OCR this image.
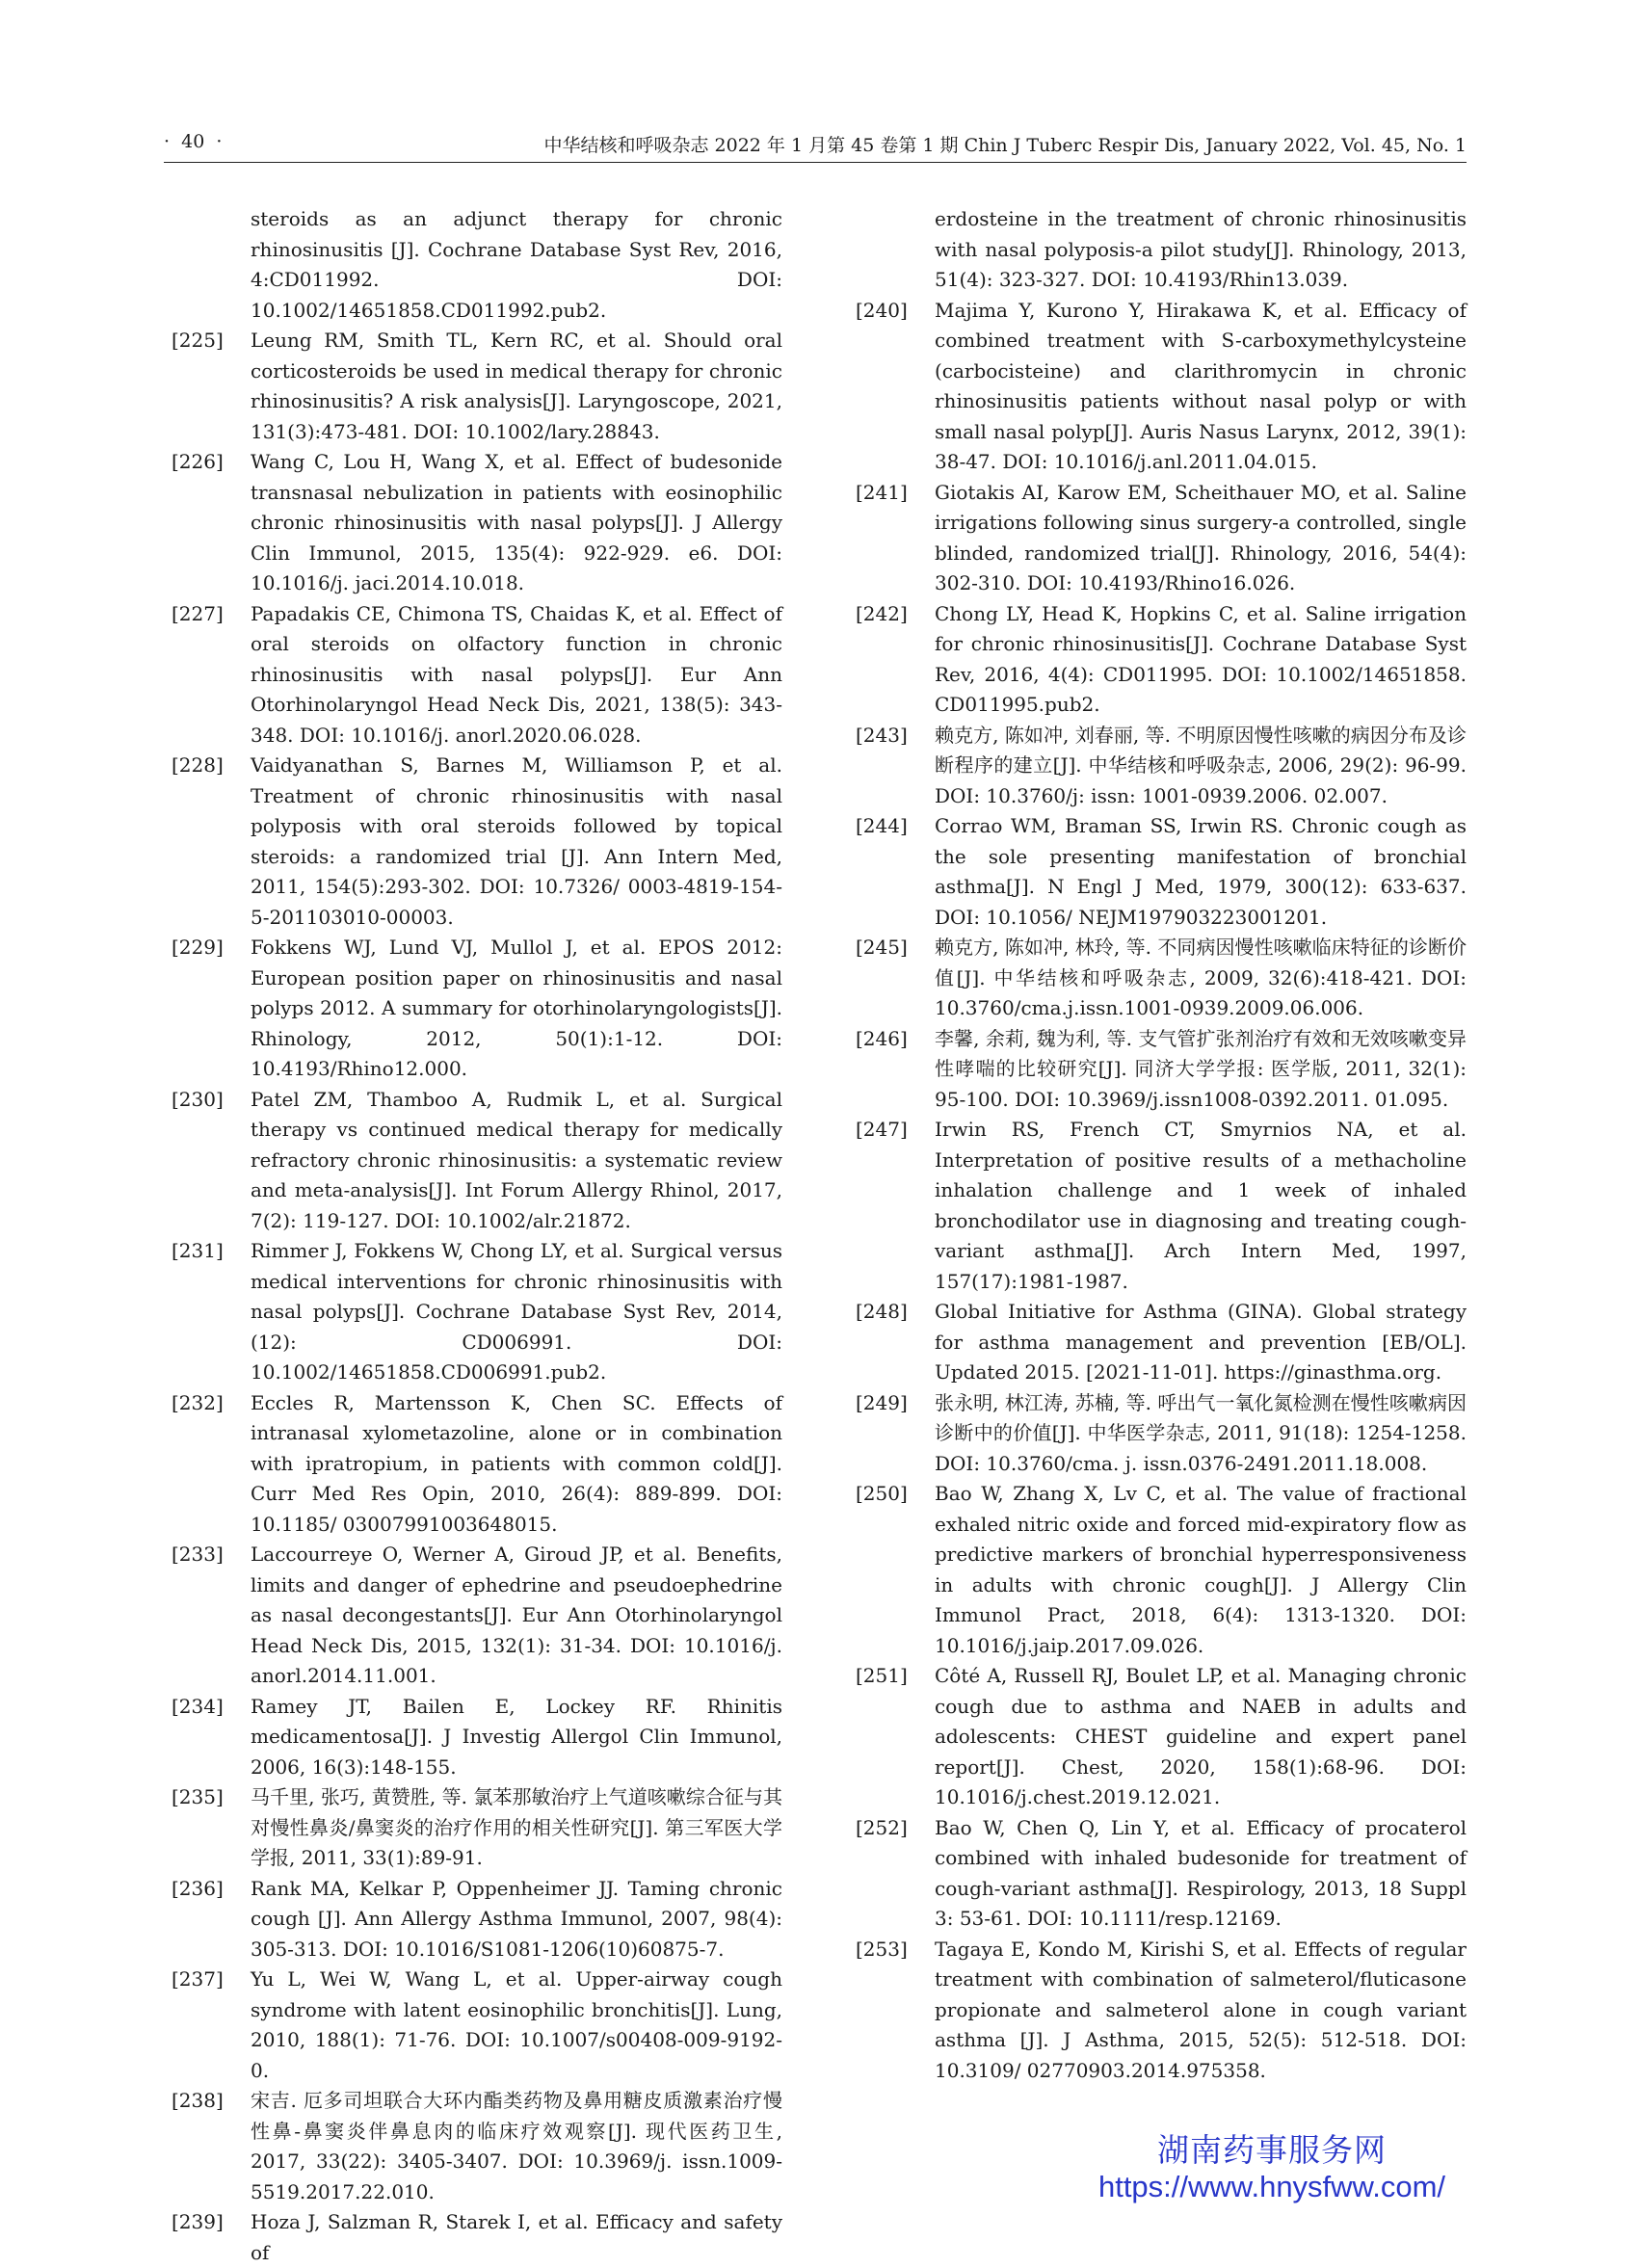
·  40  ·	中华结核和呼吸杂志 2022 年 1 月第 45 卷第 1 期 Chin J Tuberc Respir Dis, January 2022, Vol. 45, No. 1
steroids as an adjunct therapy for chronic rhinosinusitis [J]. Cochrane Database Syst Rev, 2016, 4:CD011992. DOI: 10.1002/14651858.CD011992.pub2.
[225]	Leung RM, Smith TL, Kern RC, et al. Should oral corticosteroids be used in medical therapy for chronic rhinosinusitis? A risk analysis[J]. Laryngoscope, 2021, 131(3):473-481. DOI: 10.1002/lary.28843.
[226]	Wang C, Lou H, Wang X, et al. Effect of budesonide transnasal nebulization in patients with eosinophilic chronic rhinosinusitis with nasal polyps[J]. J Allergy Clin Immunol, 2015, 135(4): 922-929. e6. DOI: 10.1016/j. jaci.2014.10.018.
[227]	Papadakis CE, Chimona TS, Chaidas K, et al. Effect of oral steroids on olfactory function in chronic rhinosinusitis with nasal polyps[J]. Eur Ann Otorhinolaryngol Head Neck Dis, 2021, 138(5): 343-348. DOI: 10.1016/j. anorl.2020.06.028.
[228]	Vaidyanathan S, Barnes M, Williamson P, et al. Treatment of chronic rhinosinusitis with nasal polyposis with oral steroids followed by topical steroids: a randomized trial [J]. Ann Intern Med, 2011, 154(5):293-302. DOI: 10.7326/ 0003-4819-154-5-201103010-00003.
[229]	Fokkens WJ, Lund VJ, Mullol J, et al. EPOS 2012: European position paper on rhinosinusitis and nasal polyps 2012. A summary for otorhinolaryngologists[J]. Rhinology, 2012, 50(1):1-12. DOI: 10.4193/Rhino12.000.
[230]	Patel ZM, Thamboo A, Rudmik L, et al. Surgical therapy vs continued medical therapy for medically refractory chronic rhinosinusitis: a systematic review and meta-analysis[J]. Int Forum Allergy Rhinol, 2017, 7(2): 119-127. DOI: 10.1002/alr.21872.
[231]	Rimmer J, Fokkens W, Chong LY, et al. Surgical versus medical interventions for chronic rhinosinusitis with nasal polyps[J]. Cochrane Database Syst Rev, 2014, (12): CD006991. DOI: 10.1002/14651858.CD006991.pub2.
[232]	Eccles R, Martensson K, Chen SC. Effects of intranasal xylometazoline, alone or in combination with ipratropium, in patients with common cold[J]. Curr Med Res Opin, 2010, 26(4): 889-899. DOI: 10.1185/ 03007991003648015.
[233]	Laccourreye O, Werner A, Giroud JP, et al. Benefits, limits and danger of ephedrine and pseudoephedrine as nasal decongestants[J]. Eur Ann Otorhinolaryngol Head Neck Dis, 2015, 132(1): 31-34. DOI: 10.1016/j. anorl.2014.11.001.
[234]	Ramey JT, Bailen E, Lockey RF. Rhinitis medicamentosa[J]. J Investig Allergol Clin Immunol, 2006, 16(3):148-155.
[235]	马千里, 张巧, 黄赞胜, 等. 氯苯那敏治疗上气道咳嗽综合征与其对慢性鼻炎/鼻窦炎的治疗作用的相关性研究[J]. 第三军医大学学报, 2011, 33(1):89-91.
[236]	Rank MA, Kelkar P, Oppenheimer JJ. Taming chronic cough [J]. Ann Allergy Asthma Immunol, 2007, 98(4): 305-313. DOI: 10.1016/S1081-1206(10)60875-7.
[237]	Yu L, Wei W, Wang L, et al. Upper-airway cough syndrome with latent eosinophilic bronchitis[J]. Lung, 2010, 188(1): 71-76. DOI: 10.1007/s00408-009-9192-0.
[238]	宋吉. 厄多司坦联合大环内酯类药物及鼻用糖皮质激素治疗慢性鼻-鼻窦炎伴鼻息肉的临床疗效观察[J]. 现代医药卫生, 2017, 33(22): 3405-3407. DOI: 10.3969/j. issn.1009-5519.2017.22.010.
[239]	Hoza J, Salzman R, Starek I, et al. Efficacy and safety of
erdosteine in the treatment of chronic rhinosinusitis with nasal polyposis-a pilot study[J]. Rhinology, 2013, 51(4): 323-327. DOI: 10.4193/Rhin13.039.
[240]	Majima Y, Kurono Y, Hirakawa K, et al. Efficacy of combined treatment with S-carboxymethylcysteine (carbocisteine) and clarithromycin in chronic rhinosinusitis patients without nasal polyp or with small nasal polyp[J]. Auris Nasus Larynx, 2012, 39(1): 38-47. DOI: 10.1016/j.anl.2011.04.015.
[241]	Giotakis AI, Karow EM, Scheithauer MO, et al. Saline irrigations following sinus surgery-a controlled, single blinded, randomized trial[J]. Rhinology, 2016, 54(4): 302-310. DOI: 10.4193/Rhino16.026.
[242]	Chong LY, Head K, Hopkins C, et al. Saline irrigation for chronic rhinosinusitis[J]. Cochrane Database Syst Rev, 2016, 4(4): CD011995. DOI: 10.1002/14651858. CD011995.pub2.
[243]	赖克方, 陈如冲, 刘春丽, 等. 不明原因慢性咳嗽的病因分布及诊断程序的建立[J]. 中华结核和呼吸杂志, 2006, 29(2): 96-99. DOI: 10.3760/j: issn: 1001-0939.2006. 02.007.
[244]	Corrao WM, Braman SS, Irwin RS. Chronic cough as the sole presenting manifestation of bronchial asthma[J]. N Engl J Med, 1979, 300(12): 633-637. DOI: 10.1056/ NEJM197903223001201.
[245]	赖克方, 陈如冲, 林玲, 等. 不同病因慢性咳嗽临床特征的诊断价值[J]. 中华结核和呼吸杂志, 2009, 32(6):418-421. DOI: 10.3760/cma.j.issn.1001-0939.2009.06.006.
[246]	李馨, 余莉, 魏为利, 等. 支气管扩张剂治疗有效和无效咳嗽变异性哮喘的比较研究[J]. 同济大学学报: 医学版, 2011, 32(1): 95-100. DOI: 10.3969/j.issn1008-0392.2011. 01.095.
[247]	Irwin RS, French CT, Smyrnios NA, et al. Interpretation of positive results of a methacholine inhalation challenge and 1 week of inhaled bronchodilator use in diagnosing and treating cough-variant asthma[J]. Arch Intern Med, 1997, 157(17):1981-1987.
[248]	Global Initiative for Asthma (GINA). Global strategy for asthma management and prevention [EB/OL]. Updated 2015. [2021-11-01]. https://ginasthma.org.
[249]	张永明, 林江涛, 苏楠, 等. 呼出气一氧化氮检测在慢性咳嗽病因诊断中的价值[J]. 中华医学杂志, 2011, 91(18): 1254-1258. DOI: 10.3760/cma. j. issn.0376-2491.2011.18.008.
[250]	Bao W, Zhang X, Lv C, et al. The value of fractional exhaled nitric oxide and forced mid-expiratory flow as predictive markers of bronchial hyperresponsiveness in adults with chronic cough[J]. J Allergy Clin Immunol Pract, 2018, 6(4): 1313-1320. DOI: 10.1016/j.jaip.2017.09.026.
[251]	Côté A, Russell RJ, Boulet LP, et al. Managing chronic cough due to asthma and NAEB in adults and adolescents: CHEST guideline and expert panel report[J]. Chest, 2020, 158(1):68-96. DOI: 10.1016/j.chest.2019.12.021.
[252]	Bao W, Chen Q, Lin Y, et al. Efficacy of procaterol combined with inhaled budesonide for treatment of cough-variant asthma[J]. Respirology, 2013, 18 Suppl 3: 53-61. DOI: 10.1111/resp.12169.
[253]	Tagaya E, Kondo M, Kirishi S, et al. Effects of regular treatment with combination of salmeterol/fluticasone propionate and salmeterol alone in cough variant asthma [J]. J Asthma, 2015, 52(5): 512-518. DOI: 10.3109/ 02770903.2014.975358.
湖南药事服务网
https://www.hnysfww.com/
